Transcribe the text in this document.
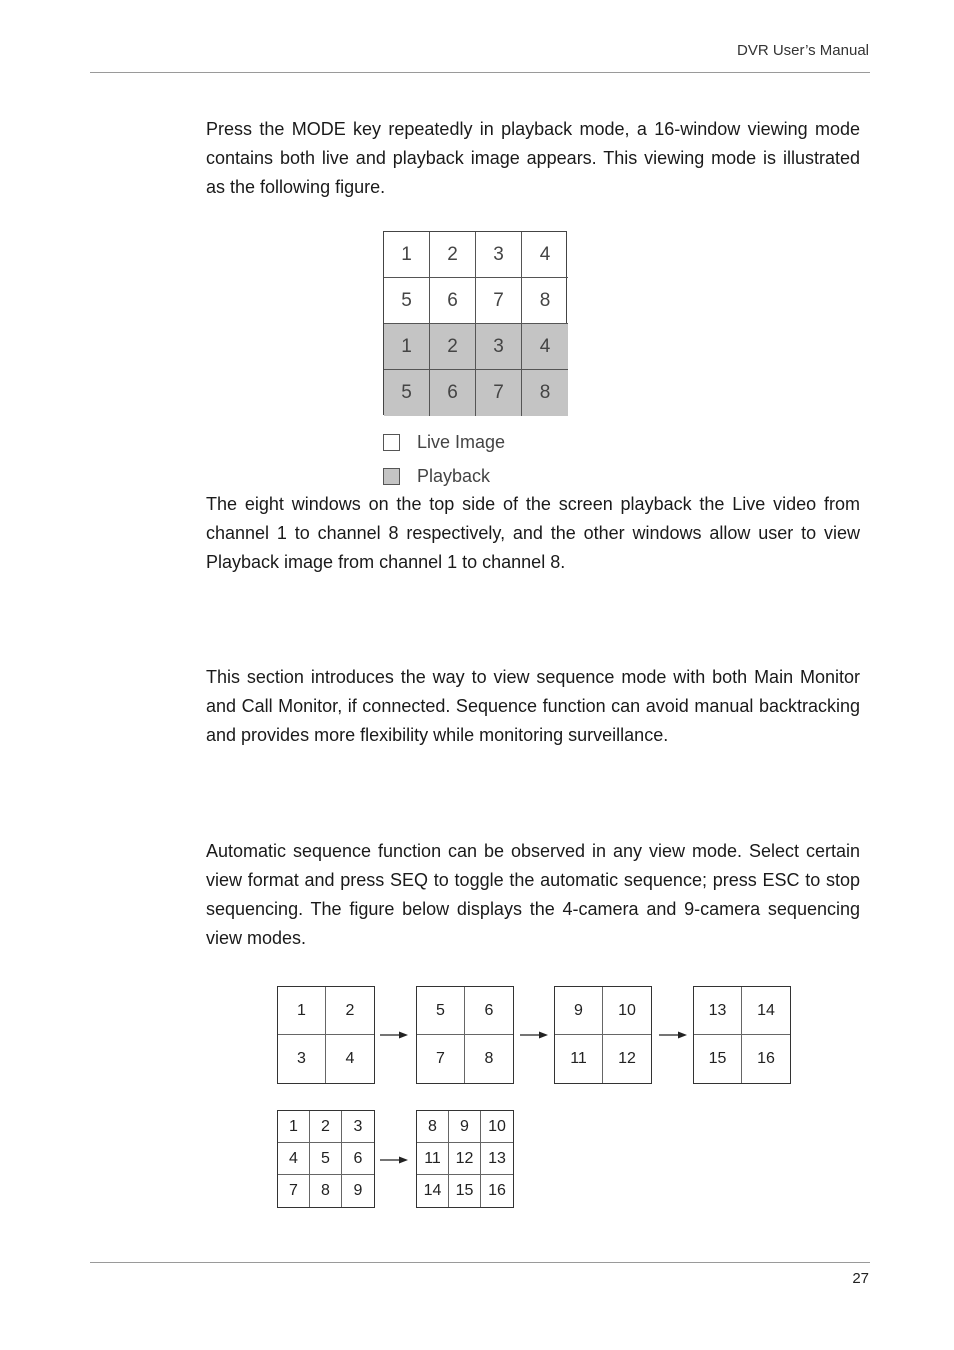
DVR User’s Manual

Press the MODE key repeatedly in playback mode, a 16-window viewing mode contains both live and playback image appears. This viewing mode is illustrated as the following figure.

1	2	3	4
5	6	7	8
1	2	3	4
5	6	7	8
Live Image
Playback

The eight windows on the top side of the screen playback the Live video from channel 1 to channel 8 respectively, and the other windows allow user to view Playback image from channel 1 to channel 8.

This section introduces the way to view sequence mode with both Main Monitor and Call Monitor, if connected. Sequence function can avoid manual backtracking and provides more flexibility while monitoring surveillance.

Automatic sequence function can be observed in any view mode. Select certain view format and press SEQ to toggle the automatic sequence; press ESC to stop sequencing. The figure below displays the 4-camera and 9-camera sequencing view modes.

1	2
3	4
5	6
7	8
9	10
11	12
13	14
15	16
1	2	3
4	5	6
7	8	9
8	9	10
11 12 13
14 15 16
27
